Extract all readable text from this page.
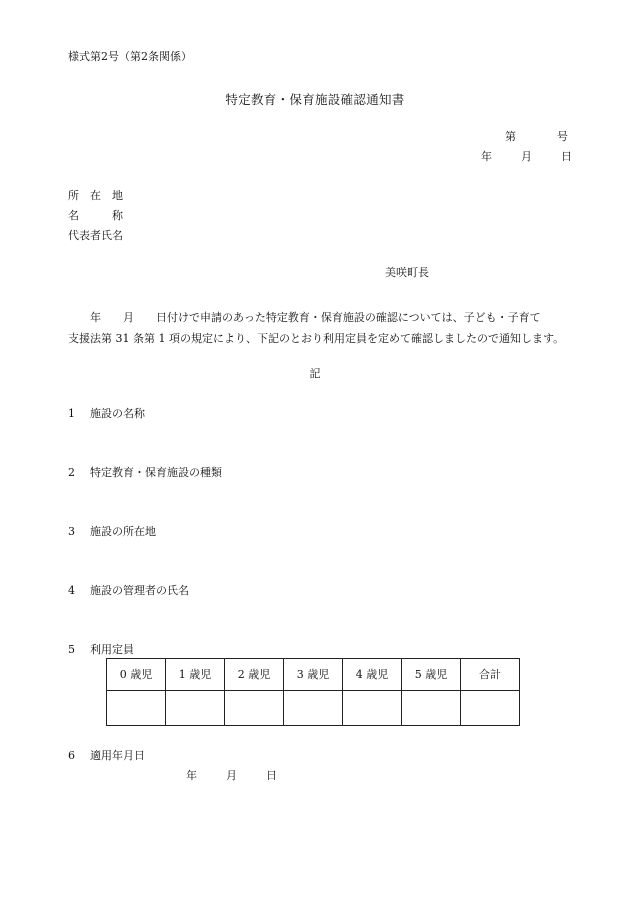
様式第2号（第2条関係）
特定教育・保育施設確認通知書
第	号
年	月	日
所　在　地
名　　　称
代表者氏名
美咲町長

年　　月　　日付けで申請のあった特定教育・保育施設の確認については、子ども・子育て

支援法第 31 条第 1 項の規定により、下記のとおり利用定員を定めて確認しましたので通知します。

記
1 施設の名称
2 特定教育・保育施設の種類
3 施設の所在地
4 施設の管理者の氏名
5 利用定員
0 歳児	1 歳児	2 歳児	3 歳児	4 歳児	5 歳児	合計

6 適用年月日
年	月	日
